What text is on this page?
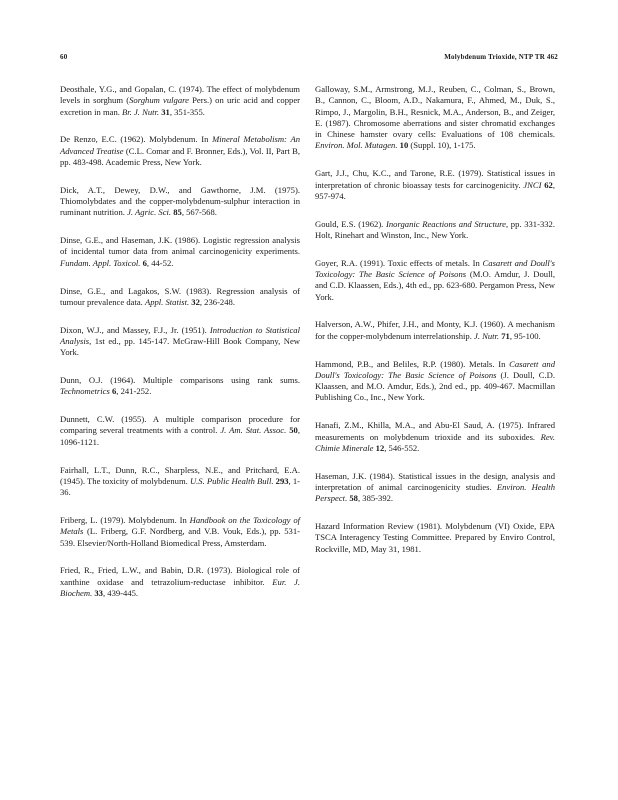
60	Molybdenum Trioxide, NTP TR 462

Deosthale, Y.G., and Gopalan, C. (1974). The effect of molybdenum levels in sorghum (Sorghum vulgare Pers.) on uric acid and copper excretion in man. Br. J. Nutr. 31, 351-355.

De Renzo, E.C. (1962). Molybdenum. In Mineral Metabolism: An Advanced Treatise (C.L. Comar and F. Bronner, Eds.), Vol. II, Part B, pp. 483-498. Academic Press, New York.

Dick, A.T., Dewey, D.W., and Gawthorne, J.M. (1975). Thiomolybdates and the copper-molybdenum-sulphur interaction in ruminant nutrition. J. Agric. Sci. 85, 567-568.

Dinse, G.E., and Haseman, J.K. (1986). Logistic regression analysis of incidental tumor data from animal carcinogenicity experiments. Fundam. Appl. Toxicol. 6, 44-52.

Dinse, G.E., and Lagakos, S.W. (1983). Regression analysis of tumour prevalence data. Appl. Statist. 32, 236-248.

Dixon, W.J., and Massey, F.J., Jr. (1951). Introduction to Statistical Analysis, 1st ed., pp. 145-147. McGraw-Hill Book Company, New York.

Dunn, O.J. (1964). Multiple comparisons using rank sums. Technometrics 6, 241-252.

Dunnett, C.W. (1955). A multiple comparison procedure for comparing several treatments with a control. J. Am. Stat. Assoc. 50, 1096-1121.

Fairhall, L.T., Dunn, R.C., Sharpless, N.E., and Pritchard, E.A. (1945). The toxicity of molybdenum. U.S. Public Health Bull. 293, 1-36.

Friberg, L. (1979). Molybdenum. In Handbook on the Toxicology of Metals (L. Friberg, G.F. Nordberg, and V.B. Vouk, Eds.), pp. 531-539. Elsevier/North-Holland Biomedical Press, Amsterdam.

Fried, R., Fried, L.W., and Babin, D.R. (1973). Biological role of xanthine oxidase and tetrazolium-reductase inhibitor. Eur. J. Biochem. 33, 439-445.

Galloway, S.M., Armstrong, M.J., Reuben, C., Colman, S., Brown, B., Cannon, C., Bloom, A.D., Nakamura, F., Ahmed, M., Duk, S., Rimpo, J., Margolin, B.H., Resnick, M.A., Anderson, B., and Zeiger, E. (1987). Chromosome aberrations and sister chromatid exchanges in Chinese hamster ovary cells: Evaluations of 108 chemicals. Environ. Mol. Mutagen. 10 (Suppl. 10), 1-175.

Gart, J.J., Chu, K.C., and Tarone, R.E. (1979). Statistical issues in interpretation of chronic bioassay tests for carcinogenicity. JNCI 62, 957-974.

Gould, E.S. (1962). Inorganic Reactions and Structure, pp. 331-332. Holt, Rinehart and Winston, Inc., New York.

Goyer, R.A. (1991). Toxic effects of metals. In Casarett and Doull's Toxicology: The Basic Science of Poisons (M.O. Amdur, J. Doull, and C.D. Klaassen, Eds.), 4th ed., pp. 623-680. Pergamon Press, New York.

Halverson, A.W., Phifer, J.H., and Monty, K.J. (1960). A mechanism for the copper-molybdenum interrelationship. J. Nutr. 71, 95-100.

Hammond, P.B., and Beliles, R.P. (1980). Metals. In Casarett and Doull's Toxicology: The Basic Science of Poisons (J. Doull, C.D. Klaassen, and M.O. Amdur, Eds.), 2nd ed., pp. 409-467. Macmillan Publishing Co., Inc., New York.

Hanafi, Z.M., Khilla, M.A., and Abu-El Saud, A. (1975). Infrared measurements on molybdenum trioxide and its suboxides. Rev. Chimie Minerale 12, 546-552.

Haseman, J.K. (1984). Statistical issues in the design, analysis and interpretation of animal carcinogenicity studies. Environ. Health Perspect. 58, 385-392.

Hazard Information Review (1981). Molybdenum (VI) Oxide, EPA TSCA Interagency Testing Committee. Prepared by Enviro Control, Rockville, MD, May 31, 1981.
